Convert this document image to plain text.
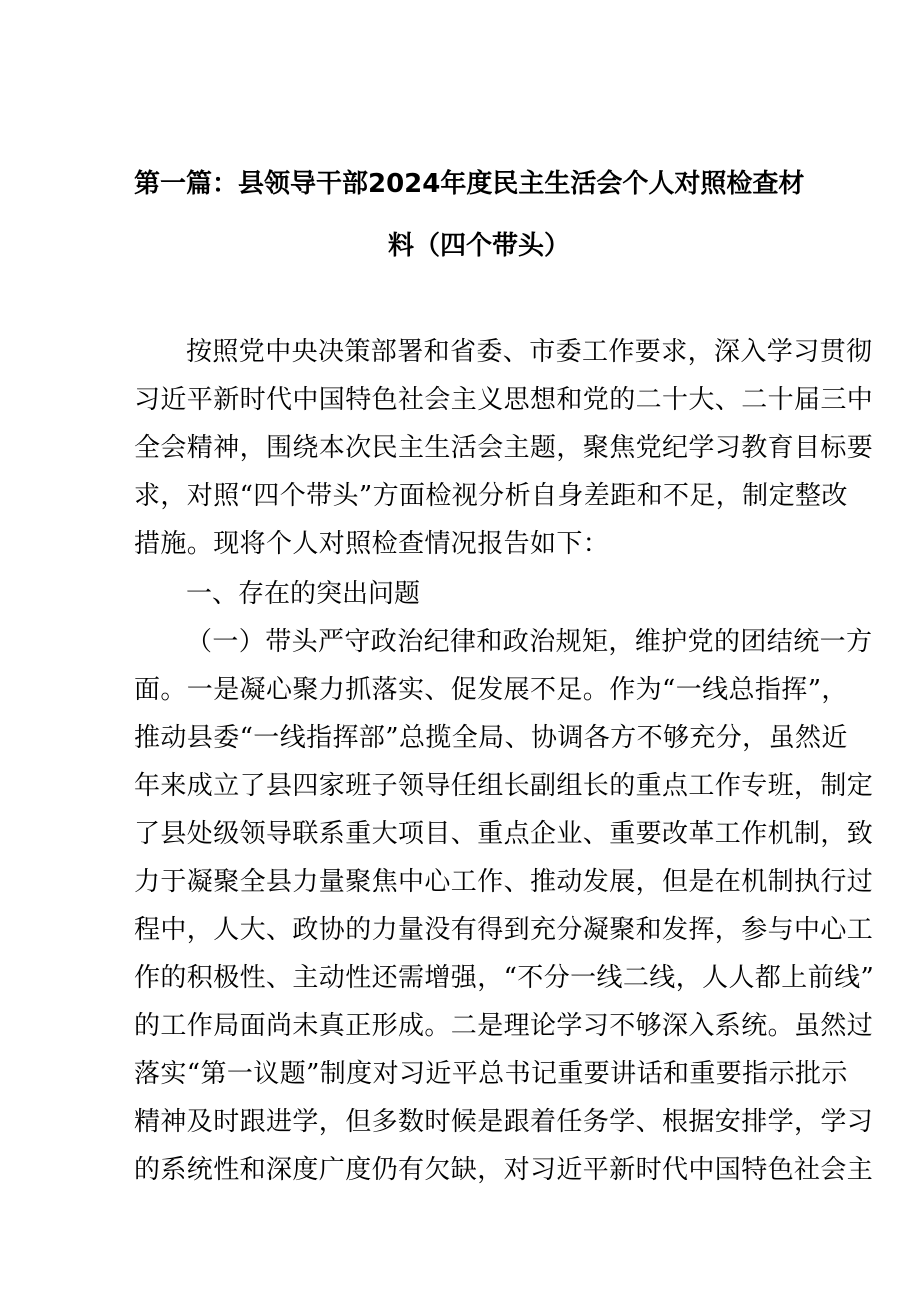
第一篇：县领导干部2024年度民主生活会个人对照检查材
料（四个带头）
按照党中央决策部署和省委、市委工作要求，深入学习贯彻
习近平新时代中国特色社会主义思想和党的二十大、二十届三中
全会精神，围绕本次民主生活会主题，聚焦党纪学习教育目标要
求，对照“四个带头”方面检视分析自身差距和不足，制定整改
措施。现将个人对照检查情况报告如下：
一、存在的突出问题
（一）带头严守政治纪律和政治规矩，维护党的团结统一方
面。一是凝心聚力抓落实、促发展不足。作为“一线总指挥”，
推动县委“一线指挥部”总揽全局、协调各方不够充分，虽然近
年来成立了县四家班子领导任组长副组长的重点工作专班，制定
了县处级领导联系重大项目、重点企业、重要改革工作机制，致
力于凝聚全县力量聚焦中心工作、推动发展，但是在机制执行过
程中，人大、政协的力量没有得到充分凝聚和发挥，参与中心工
作的积极性、主动性还需增强，“不分一线二线，人人都上前线”
的工作局面尚未真正形成。二是理论学习不够深入系统。虽然过
落实“第一议题”制度对习近平总书记重要讲话和重要指示批示
精神及时跟进学，但多数时候是跟着任务学、根据安排学，学习
的系统性和深度广度仍有欠缺，对习近平新时代中国特色社会主
